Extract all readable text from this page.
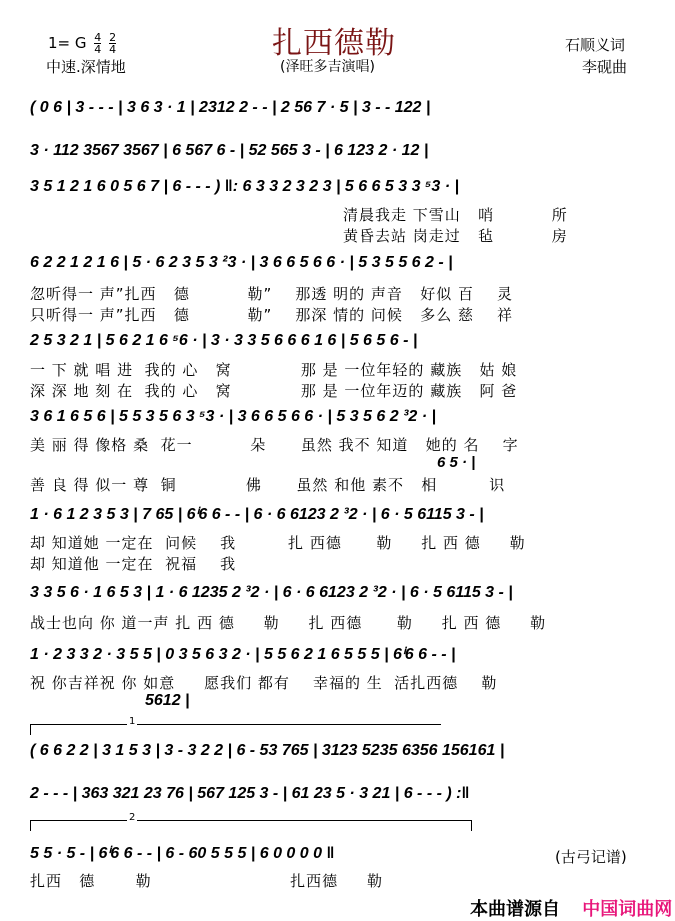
1= G $\frac{4}{4}$
$\frac{2}{4}$
中速.深情地
扎西德勒
(泽旺多吉演唱)
石顺义词
李砚曲
( 0 6 | 3 - - - | 3 6 3 · 1 | 2312 2 - - | 2 56 7 · 5 | 3 - - 122 |
3 · 112 3567 3567 | 6 567 6 - | 52 565 3 - | 6 123 2 · 12 |
3 5 1 2 1 6 0 5 6 7 | 6 - - - ) ‖: 6 3 3 2 3 2 3 | 5 6 6 5 3 3 ⁵3 · |
6 2 2 1 2 1 6 | 5 · 6 2 3 5 3 ²3 · | 3 6 6 5 6 6 · | 5 3 5 5 6 2 - |
2 5 3 2 1 | 5 6 2 1 6 ⁵6 · | 3 · 3 3 5 6 6 6 1 6 | 5 6 5 6 - |
3 6 1 6 5 6 | 5 5 3 5 6 3 ⁵3 · | 3 6 6 5 6 6 · | 5 3 5 6 2 ³2 · |
6 5 · |
1 · 6 1 2 3 5 3 | 7 65 | 6ⁱ6 6 - - | 6 · 6 6123 2 ³2 · | 6 · 5 6115 3 - |
3 3 5 6 · 1 6 5 3 | 1 · 6 1235 2 ³2 · | 6 · 6 6123 2 ³2 · | 6 · 5 6115 3 - |
1 · 2 3 3 2 · 3 5 5 | 0 3 5 6 3 2 · | 5 5 6 2 1 6 5 5 5 | 6ⁱ6 6 - - |
5612 |
1
( 6 6 2 2 | 3 1 5 3 | 3 - 3 2 2 | 6 - 53 765 | 3123 5235 6356 156161 |
2 - - - | 363 321 23 76 | 567 125 3 - | 61 23 5 · 3 21 | 6 - - - ) :‖
2
5 5 · 5 - | 6ⁱ6 6 - - | 6 - 60 5 5 5 | 6 0 0 0 0 ‖
清晨我走 下雪山   哨          所
黄昏去站 岗走过   毡          房
忽听得一 声”扎西   德          勒”    那透 明的 声音   好似 百    灵
只听得一 声”扎西   德          勒”    那深 情的 问候   多么 慈    祥
一 下 就 唱 进  我的 心   窝            那 是 一位年轻的 藏族   姑 娘
深 深 地 刻 在  我的 心   窝            那 是 一位年迈的 藏族   阿 爸
美 丽 得 像格 桑  花一          朵      虽然 我不 知道   她的 名    字
善 良 得 似一 尊  铜            佛      虽然 和他 素不   相         识
却 知道她 一定在  问候    我         扎 西德      勒     扎 西 德     勒
却 知道他 一定在  祝福    我
战士也向 你 道一声 扎 西 德     勒     扎 西德      勒     扎 西 德     勒
祝 你吉祥祝 你 如意     愿我们 都有    幸福的 生  活扎西德    勒
扎西   德       勒                        扎西德     勒
(古弓记谱)
本曲谱源自 中国词曲网
